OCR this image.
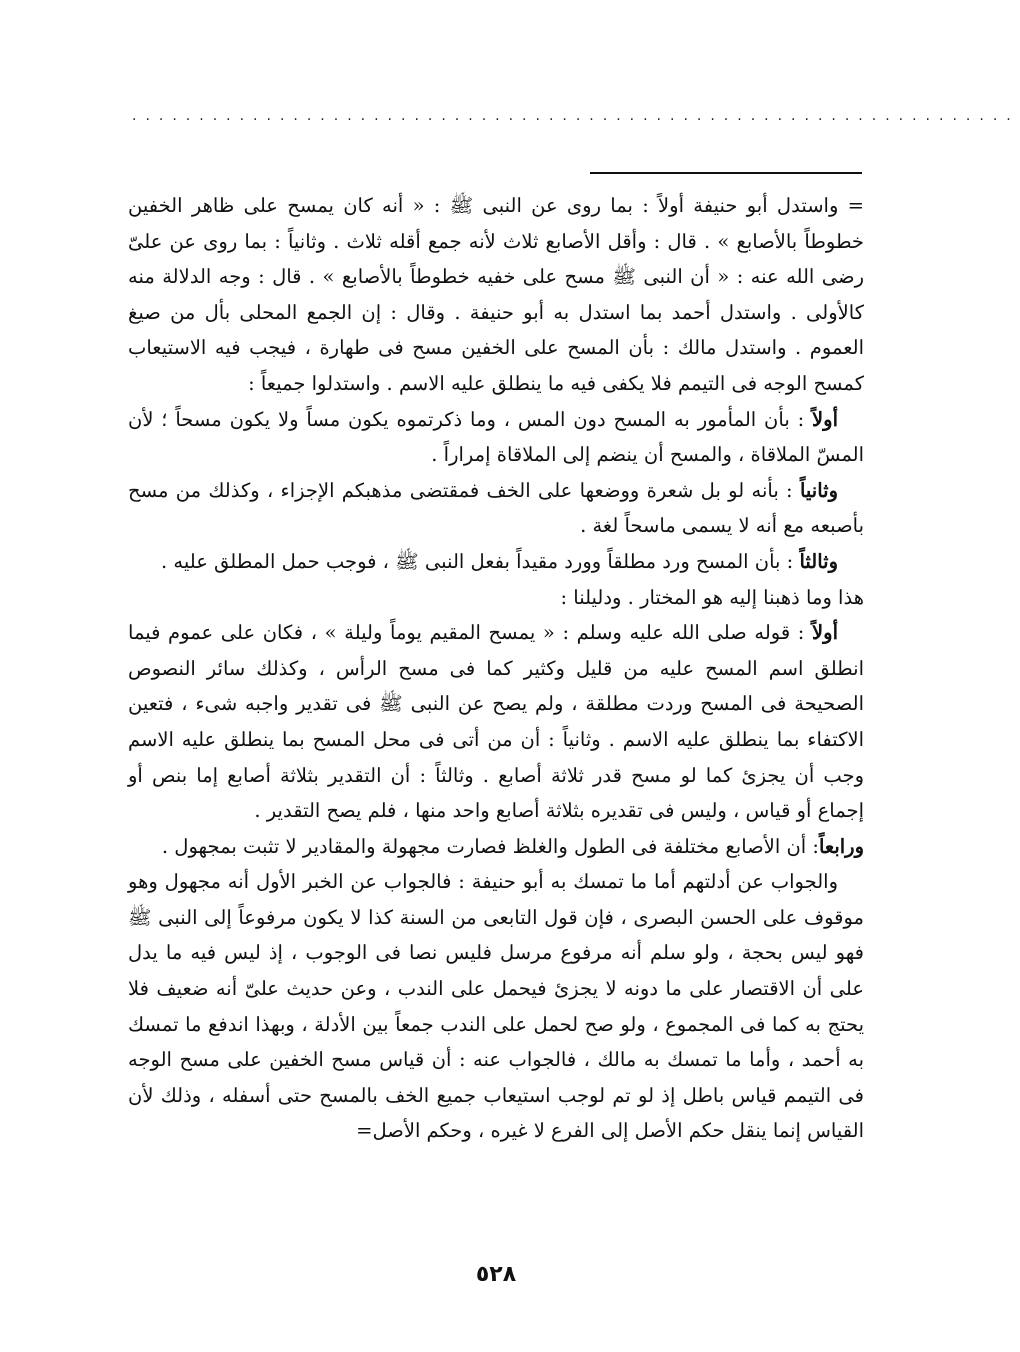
··································································

= واستدل أبو حنيفة أولاً : بما روى عن النبى ﷺ : « أنه كان يمسح على ظاهر الخفين خطوطاً بالأصابع » . قال : وأقل الأصابع ثلاث لأنه جمع أقله ثلاث . وثانياً : بما روى عن علىّ رضى الله عنه : « أن النبى ﷺ مسح على خفيه خطوطاً بالأصابع » . قال : وجه الدلالة منه كالأولى . واستدل أحمد بما استدل به أبو حنيفة . وقال : إن الجمع المحلى بأل من صيغ العموم . واستدل مالك : بأن المسح على الخفين مسح فى طهارة ، فيجب فيه الاستيعاب كمسح الوجه فى التيمم فلا يكفى فيه ما ينطلق عليه الاسم . واستدلوا جميعاً :

أولاً : بأن المأمور به المسح دون المس ، وما ذكرتموه يكون مساً ولا يكون مسحاً ؛ لأن المسّ الملاقاة ، والمسح أن ينضم إلى الملاقاة إمراراً .

وثانياً : بأنه لو بل شعرة ووضعها على الخف فمقتضى مذهبكم الإجزاء ، وكذلك من مسح بأصبعه مع أنه لا يسمى ماسحاً لغة .

وثالثاً : بأن المسح ورد مطلقاً وورد مقيداً بفعل النبى ﷺ ، فوجب حمل المطلق عليه .

هذا وما ذهبنا إليه هو المختار . ودليلنا :

أولاً : قوله صلى الله عليه وسلم : « يمسح المقيم يوماً وليلة » ، فكان على عموم فيما انطلق اسم المسح عليه من قليل وكثير كما فى مسح الرأس ، وكذلك سائر النصوص الصحيحة فى المسح وردت مطلقة ، ولم يصح عن النبى ﷺ فى تقدير واجبه شىء ، فتعين الاكتفاء بما ينطلق عليه الاسم . وثانياً : أن من أتى فى محل المسح بما ينطلق عليه الاسم وجب أن يجزئ كما لو مسح قدر ثلاثة أصابع . وثالثاً : أن التقدير بثلاثة أصابع إما بنص أو إجماع أو قياس ، وليس فى تقديره بثلاثة أصابع واحد منها ، فلم يصح التقدير .

ورابعاً: أن الأصابع مختلفة فى الطول والغلظ فصارت مجهولة والمقادير لا تثبت بمجهول .

والجواب عن أدلتهم أما ما تمسك به أبو حنيفة : فالجواب عن الخبر الأول أنه مجهول وهو موقوف على الحسن البصرى ، فإن قول التابعى من السنة كذا لا يكون مرفوعاً إلى النبى ﷺ فهو ليس بحجة ، ولو سلم أنه مرفوع مرسل فليس نصا فى الوجوب ، إذ ليس فيه ما يدل على أن الاقتصار على ما دونه لا يجزئ فيحمل على الندب ، وعن حديث علىّ أنه ضعيف فلا يحتج به كما فى المجموع ، ولو صح لحمل على الندب جمعاً بين الأدلة ، وبهذا اندفع ما تمسك به أحمد ، وأما ما تمسك به مالك ، فالجواب عنه : أن قياس مسح الخفين على مسح الوجه فى التيمم قياس باطل إذ لو تم لوجب استيعاب جميع الخف بالمسح حتى أسفله ، وذلك لأن القياس إنما ينقل حكم الأصل إلى الفرع لا غيره ، وحكم الأصل=

٥٢٨
